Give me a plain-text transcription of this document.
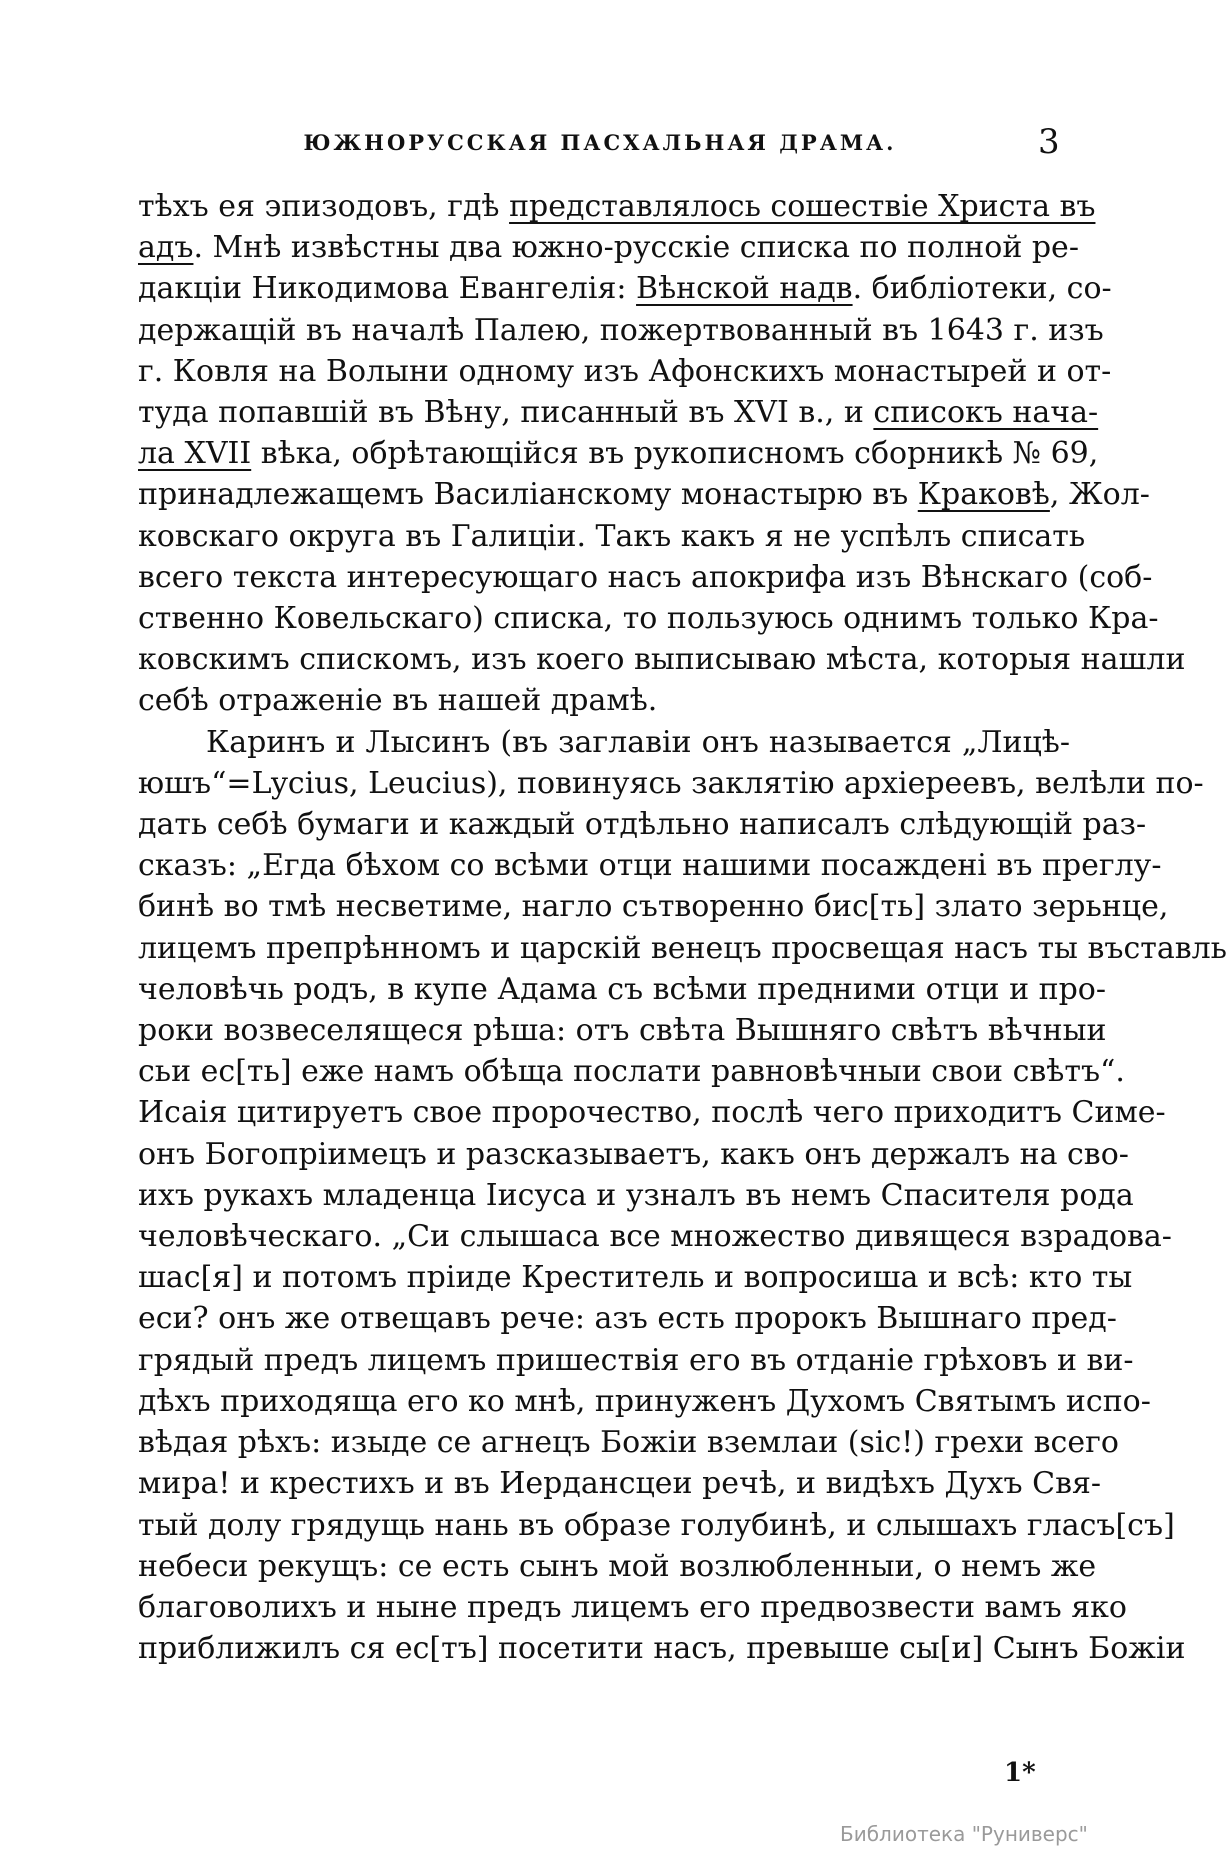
ЮЖНОРУССКАЯ ПАСХАЛЬНАЯ ДРАМА.	3
тѣхъ ея эпизодовъ, гдѣ представлялось сошествіе Христа въ
адъ. Мнѣ извѣстны два южно-русскіе списка по полной ре-
дакціи Никодимова Евангелія: Вѣнской надв. библіотеки, со-
держащій въ началѣ Палею, пожертвованный въ 1643 г. изъ
г. Ковля на Волыни одному изъ Афонскихъ монастырей и от-
туда попавшій въ Вѣну, писанный въ XVI в., и списокъ нача-
ла XVII вѣка, обрѣтающійся въ рукописномъ сборникѣ № 69,
принадлежащемъ Василіанскому монастырю въ Краковѣ, Жол-
ковскаго округа въ Галиціи. Такъ какъ я не успѣлъ списать
всего текста интересующаго насъ апокрифа изъ Вѣнскаго (соб-
ственно Ковельскаго) списка, то пользуюсь однимъ только Кра-
ковскимъ спискомъ, изъ коего выписываю мѣста, которыя нашли
себѣ отраженіе въ нашей драмѣ.
Каринъ и Лысинъ (въ заглавіи онъ называется „Лицѣ-
юшъ“=Lycius, Leucius), повинуясь заклятію архіереевъ, велѣли по-
дать себѣ бумаги и каждый отдѣльно написалъ слѣдующій раз-
сказъ: „Егда бѣхом со всѣми отци нашими посаждені въ преглу-
бинѣ во тмѣ несветиме, нагло сътворенно бис[ть] злато зерьнце,
лицемъ препрѣнномъ и царскій венецъ просвещая насъ ты въставль
человѣчь родъ, в купе Адама съ всѣми предними отци и про-
роки возвеселящеся рѣша: отъ свѣта Вышняго свѣтъ вѣчныи
сьи ес[ть] еже намъ обѣща послати равновѣчныи свои свѣтъ“.
Исаія цитируетъ свое пророчество, послѣ чего приходитъ Симе-
онъ Богопріимецъ и разсказываетъ, какъ онъ держалъ на сво-
ихъ рукахъ младенца Іисуса и узналъ въ немъ Спасителя рода
человѣческаго. „Си слышаса все множество дивящеся взрадова-
шас[я] и потомъ пріиде Креститель и вопросиша и всѣ: кто ты
еси? онъ же отвещавъ рече: азъ есть пророкъ Вышнаго пред-
грядый предъ лицемъ пришествія его въ отданіе грѣховъ и ви-
дѣхъ приходяща его ко мнѣ, принуженъ Духомъ Святымъ испо-
вѣдая рѣхъ: изыде се агнецъ Божіи вземлаи (sic!) грехи всего
мира! и крестихъ и въ Иердансцеи речѣ, и видѣхъ Духъ Свя-
тый долу грядущь нань въ образе голубинѣ, и слышахъ гласъ[съ]
небеси рекущъ: се есть сынъ мой возлюбленныи, о немъ же
благоволихъ и ныне предъ лицемъ его предвозвести вамъ яко
приближилъ ся ес[тъ] посетити насъ, превыше сы[и] Сынъ Божіи
1*
Библиотека "Руниверс"
